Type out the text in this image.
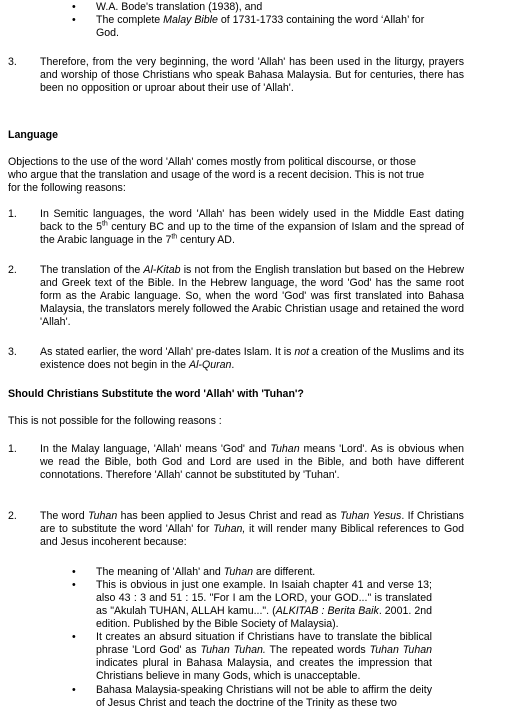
• W.A. Bode's translation (1938), and
• The complete Malay Bible of 1731-1733 containing the word ‘Allah’ for God.
3. Therefore, from the very beginning, the word 'Allah' has been used in the liturgy, prayers and worship of those Christians who speak Bahasa Malaysia. But for centuries, there has been no opposition or uproar about their use of 'Allah'.

Language

Objections to the use of the word 'Allah' comes mostly from political discourse, or those who argue that the translation and usage of the word is a recent decision. This is not true for the following reasons:

1. In Semitic languages, the word 'Allah' has been widely used in the Middle East dating back to the 5th century BC and up to the time of the expansion of Islam and the spread of the Arabic language in the 7th century AD.
2. The translation of the Al-Kitab is not from the English translation but based on the Hebrew and Greek text of the Bible. In the Hebrew language, the word 'God' has the same root form as the Arabic language. So, when the word 'God' was first translated into Bahasa Malaysia, the translators merely followed the Arabic Christian usage and retained the word 'Allah'.
3. As stated earlier, the word 'Allah' pre-dates Islam. It is not a creation of the Muslims and its existence does not begin in the Al-Quran.

Should Christians Substitute the word 'Allah' with 'Tuhan'?

This is not possible for the following reasons :

1. In the Malay language, 'Allah' means 'God' and Tuhan means 'Lord'. As is obvious when we read the Bible, both God and Lord are used in the Bible, and both have different connotations. Therefore 'Allah' cannot be substituted by 'Tuhan'.
2. The word Tuhan has been applied to Jesus Christ and read as Tuhan Yesus. If Christians are to substitute the word 'Allah' for Tuhan, it will render many Biblical references to God and Jesus incoherent because:
• The meaning of 'Allah' and Tuhan are different.
• This is obvious in just one example. In Isaiah chapter 41 and verse 13; also 43 : 3 and 51 : 15. "For I am the LORD, your GOD..." is translated as "Akulah TUHAN, ALLAH kamu...". (ALKITAB : Berita Baik. 2001. 2nd edition. Published by the Bible Society of Malaysia).
• It creates an absurd situation if Christians have to translate the biblical phrase 'Lord God' as Tuhan Tuhan. The repeated words Tuhan Tuhan indicates plural in Bahasa Malaysia, and creates the impression that Christians believe in many Gods, which is unacceptable.
• Bahasa Malaysia-speaking Christians will not be able to affirm the deity of Jesus Christ and teach the doctrine of the Trinity as these two
